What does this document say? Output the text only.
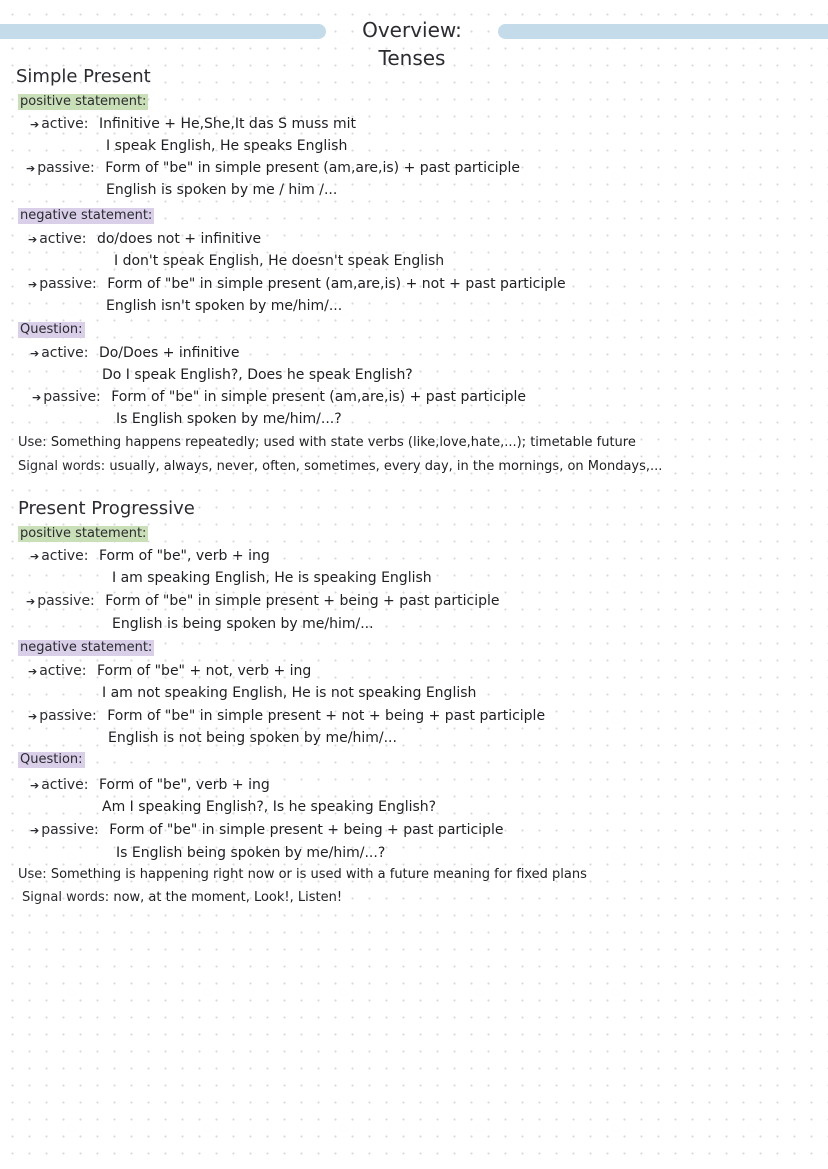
Overview: Tenses
Simple Present
positive statement:
➔ active: Infinitive + He,She,It das S muss mit
I speak English, He speaks English
➔ passive: Form of "be" in simple present (am,are,is) + past participle
English is spoken by me / him /...
negative statement:
➔ active: do/does not + infinitive
I don't speak English, He doesn't speak English
➔ passive: Form of "be" in simple present (am,are,is) + not + past participle
English isn't spoken by me/him/...
Question:
➔ active: Do/Does + infinitive
Do I speak English?, Does he speak English?
➔ passive: Form of "be" in simple present (am,are,is) + past participle
Is English spoken by me/him/...?
Use: Something happens repeatedly; used with state verbs (like,love,hate,...); timetable future
Signal words: usually, always, never, often, sometimes, every day, in the mornings, on Mondays,...
Present Progressive
positive statement:
➔ active: Form of "be", verb + ing
I am speaking English, He is speaking English
➔ passive: Form of "be" in simple present + being + past participle
English is being spoken by me/him/...
negative statement:
➔ active: Form of "be" + not, verb + ing
I am not speaking English, He is not speaking English
➔ passive: Form of "be" in simple present + not + being + past participle
English is not being spoken by me/him/...
Question:
➔ active: Form of "be", verb + ing
Am I speaking English?, Is he speaking English?
➔ passive: Form of "be" in simple present + being + past participle
Is English being spoken by me/him/...?
Use: Something is happening right now or is used with a future meaning for fixed plans
Signal words: now, at the moment, Look!, Listen!
